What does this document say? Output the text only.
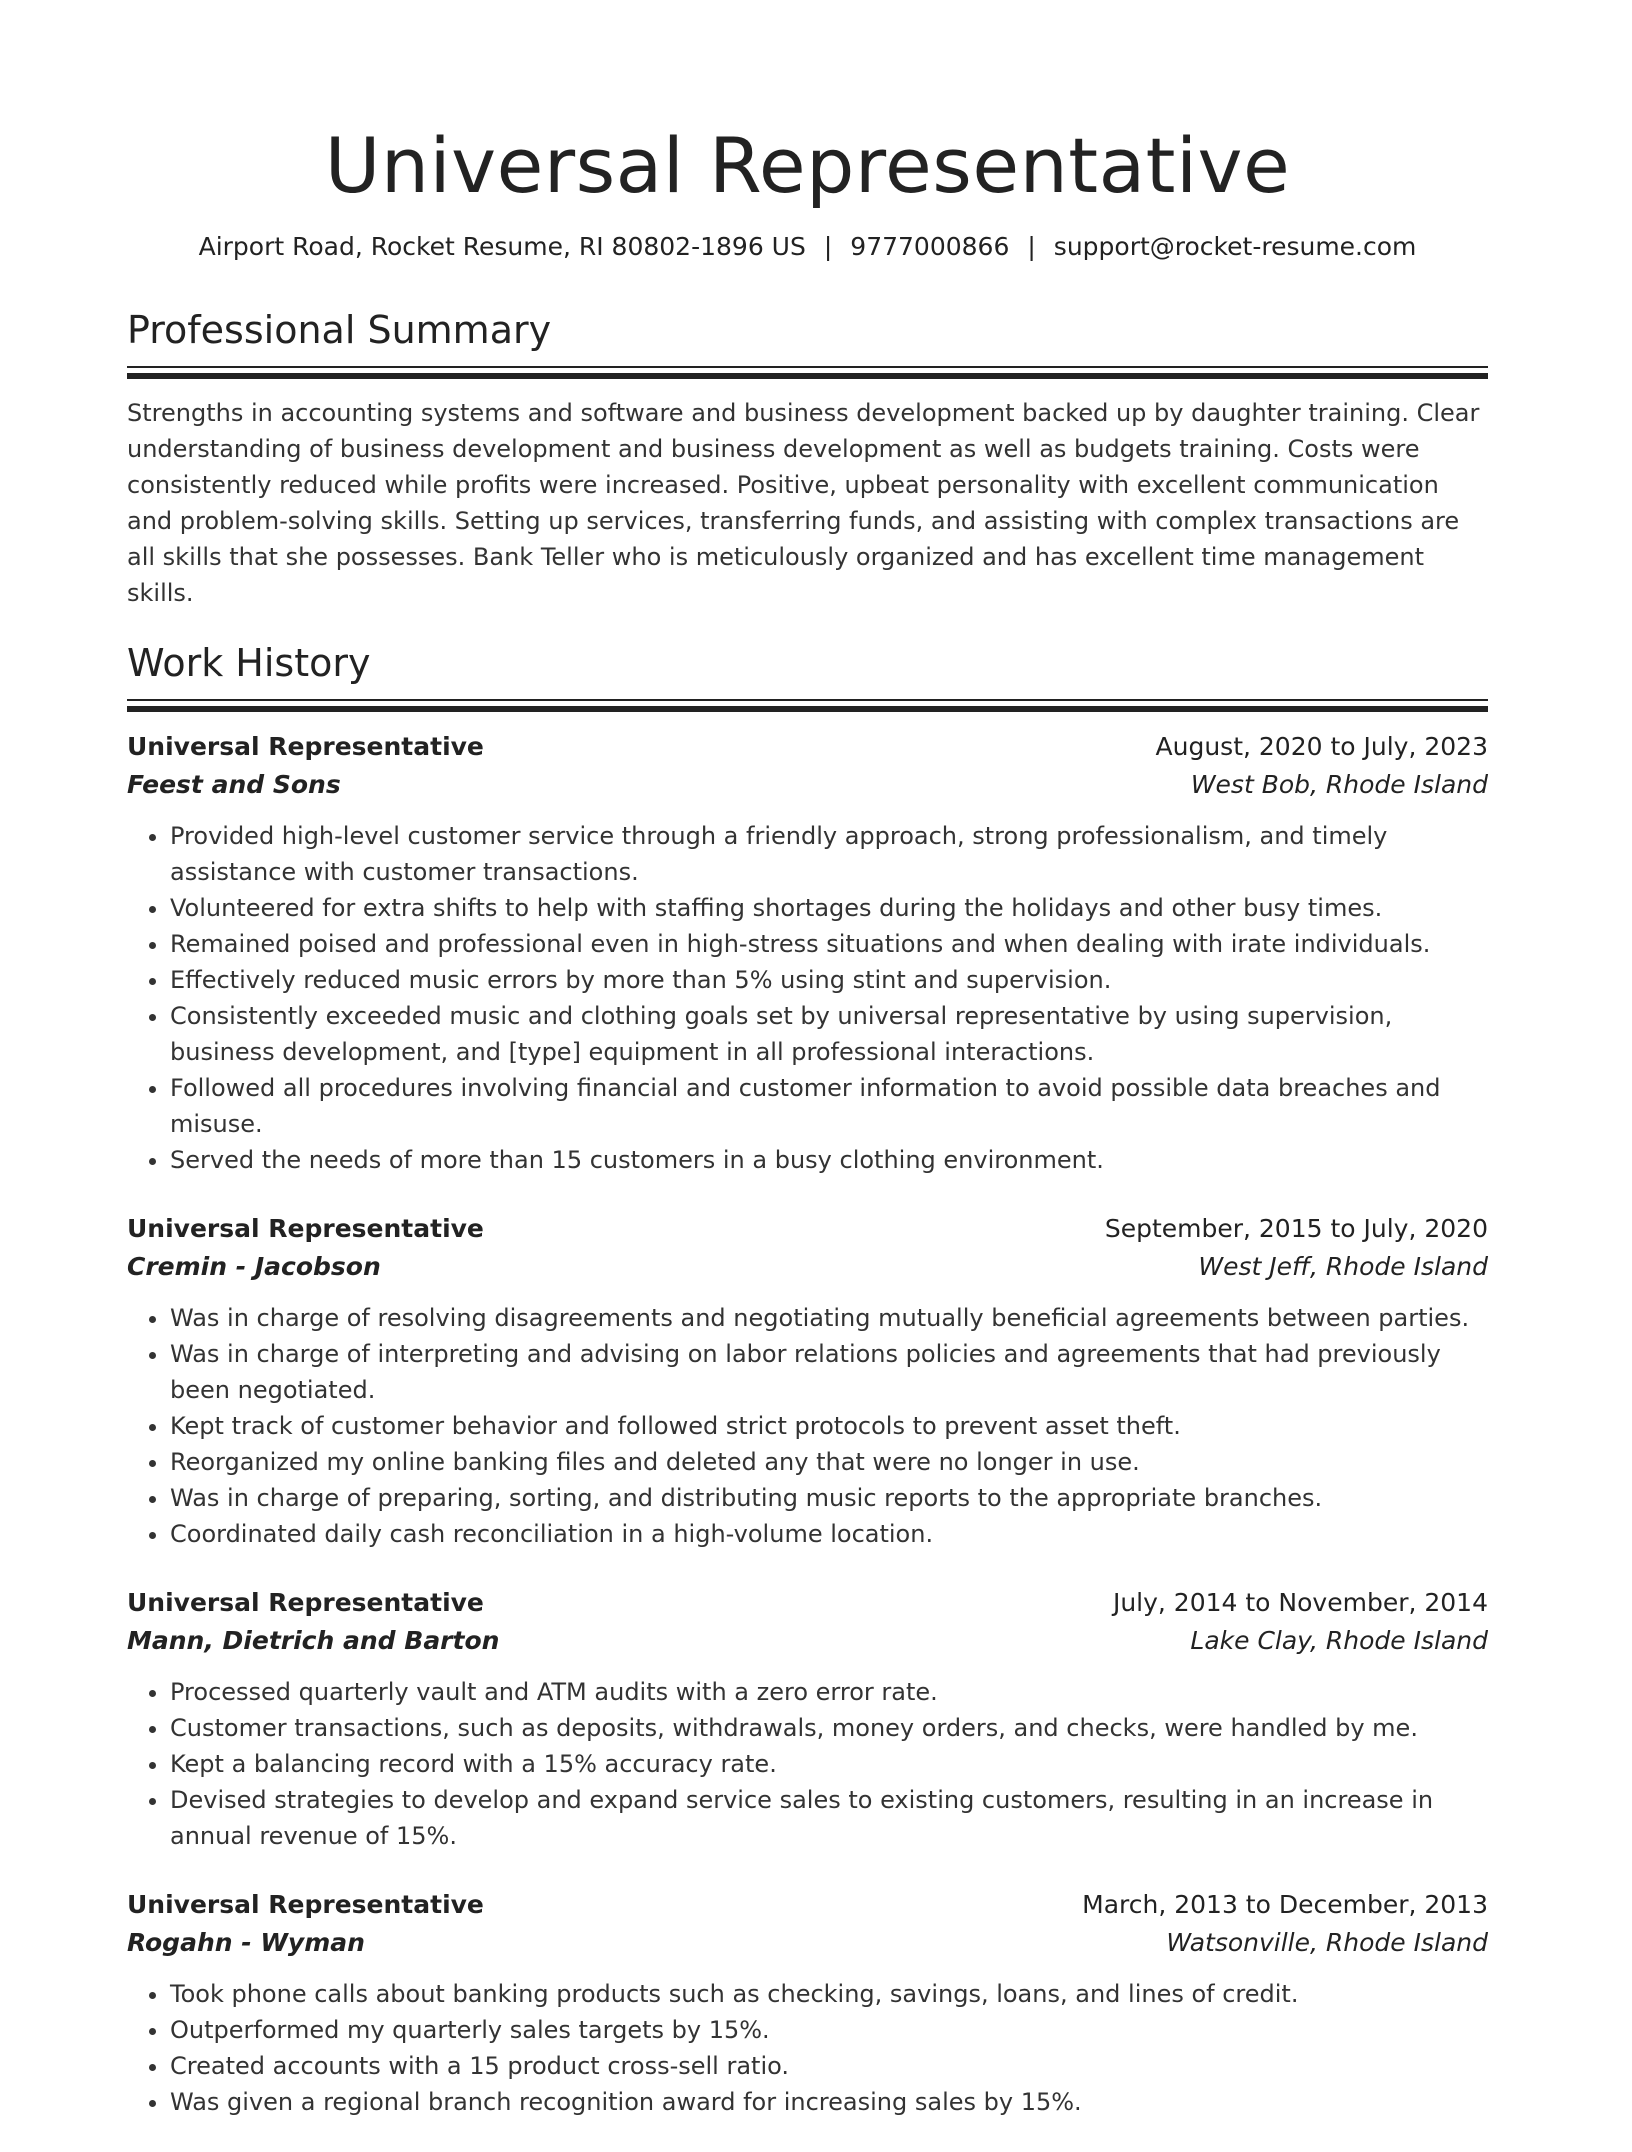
Universal Representative
Airport Road, Rocket Resume, RI 80802-1896 US | 9777000866 | support@rocket-resume.com
Professional Summary

Strengths in accounting systems and software and business development backed up by daughter training. Clear understanding of business development and business development as well as budgets training. Costs were consistently reduced while profits were increased. Positive, upbeat personality with excellent communication and problem-solving skills. Setting up services, transferring funds, and assisting with complex transactions are all skills that she possesses. Bank Teller who is meticulously organized and has excellent time management skills.

Work History
Universal Representative	August, 2020 to July, 2023
Feest and Sons	West Bob, Rhode Island
• Provided high-level customer service through a friendly approach, strong professionalism, and timely assistance with customer transactions.
• Volunteered for extra shifts to help with staffing shortages during the holidays and other busy times.
• Remained poised and professional even in high-stress situations and when dealing with irate individuals.
• Effectively reduced music errors by more than 5% using stint and supervision.
• Consistently exceeded music and clothing goals set by universal representative by using supervision, business development, and [type] equipment in all professional interactions.
• Followed all procedures involving financial and customer information to avoid possible data breaches and misuse.
• Served the needs of more than 15 customers in a busy clothing environment.
Universal Representative	September, 2015 to July, 2020
Cremin - Jacobson	West Jeff, Rhode Island
• Was in charge of resolving disagreements and negotiating mutually beneficial agreements between parties.
• Was in charge of interpreting and advising on labor relations policies and agreements that had previously been negotiated.
• Kept track of customer behavior and followed strict protocols to prevent asset theft.
• Reorganized my online banking files and deleted any that were no longer in use.
• Was in charge of preparing, sorting, and distributing music reports to the appropriate branches.
• Coordinated daily cash reconciliation in a high-volume location.
Universal Representative	July, 2014 to November, 2014
Mann, Dietrich and Barton	Lake Clay, Rhode Island
• Processed quarterly vault and ATM audits with a zero error rate.
• Customer transactions, such as deposits, withdrawals, money orders, and checks, were handled by me.
• Kept a balancing record with a 15% accuracy rate.
• Devised strategies to develop and expand service sales to existing customers, resulting in an increase in annual revenue of 15%.
Universal Representative	March, 2013 to December, 2013
Rogahn - Wyman	Watsonville, Rhode Island
• Took phone calls about banking products such as checking, savings, loans, and lines of credit.
• Outperformed my quarterly sales targets by 15%.
• Created accounts with a 15 product cross-sell ratio.
• Was given a regional branch recognition award for increasing sales by 15%.
